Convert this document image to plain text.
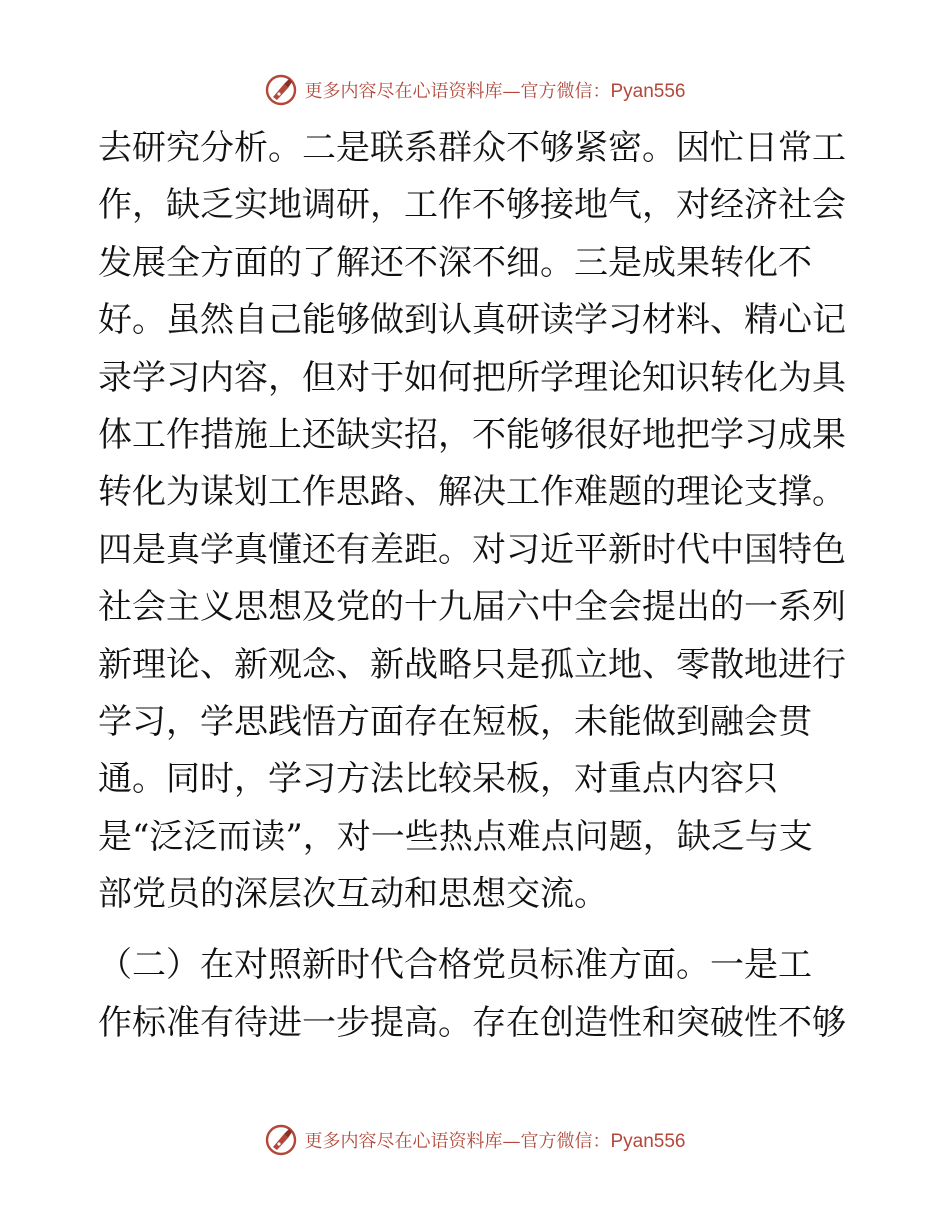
更多内容尽在心语资料库—官方微信：Pyan556
去研究分析。二是联系群众不够紧密。因忙日常工
作，缺乏实地调研，工作不够接地气，对经济社会
发展全方面的了解还不深不细。三是成果转化不
好。虽然自己能够做到认真研读学习材料、精心记
录学习内容，但对于如何把所学理论知识转化为具
体工作措施上还缺实招，不能够很好地把学习成果
转化为谋划工作思路、解决工作难题的理论支撑。
四是真学真懂还有差距。对习近平新时代中国特色
社会主义思想及党的十九届六中全会提出的一系列
新理论、新观念、新战略只是孤立地、零散地进行
学习，学思践悟方面存在短板，未能做到融会贯
通。同时，学习方法比较呆板，对重点内容只
是“泛泛而读”，对一些热点难点问题，缺乏与支
部党员的深层次互动和思想交流。
（二）在对照新时代合格党员标准方面。一是工
作标准有待进一步提高。存在创造性和突破性不够
更多内容尽在心语资料库—官方微信：Pyan556
